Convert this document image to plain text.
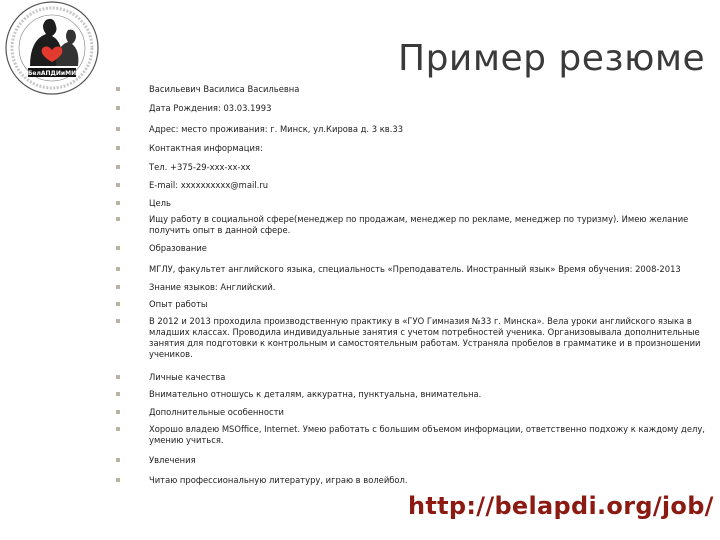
БелАПДИиМИ	Пример резюме
Васильевич Василиса Васильевна
Дата Рождения: 03.03.1993
Адрес: место проживания: г. Минск, ул.Кирова д. 3 кв.33
Контактная информация:
Тел. +375-29-xxx-xx-xx
E-mail: xxxxxxxxxx@mail.ru
Цель
Ищу работу в социальной сфере(менеджер по продажам, менеджер по рекламе, менеджер по туризму). Имею желание получить опыт в данной сфере.
Образование
МГЛУ, факультет английского языка, специальность «Преподаватель. Иностранный язык» Время обучения: 2008-2013
Знание языков: Английский.
Опыт работы
В 2012 и 2013 проходила производственную практику в «ГУО Гимназия №33 г. Минска». Вела уроки английского языка в младших классах. Проводила индивидуальные занятия с учетом потребностей ученика. Организовывала дополнительные занятия для подготовки к контрольным и самостоятельным работам. Устраняла пробелов в грамматике и в произношении учеников.
Личные качества
Внимательно отношусь к деталям, аккуратна, пунктуальна, внимательна.
Дополнительные особенности
Хорошо владею MSOffice, Internet. Умею работать с большим объемом информации, ответственно подхожу к каждому делу, умению учиться.
Увлечения
Читаю профессиональную литературу, играю в волейбол.
http://belapdi.org/job/
